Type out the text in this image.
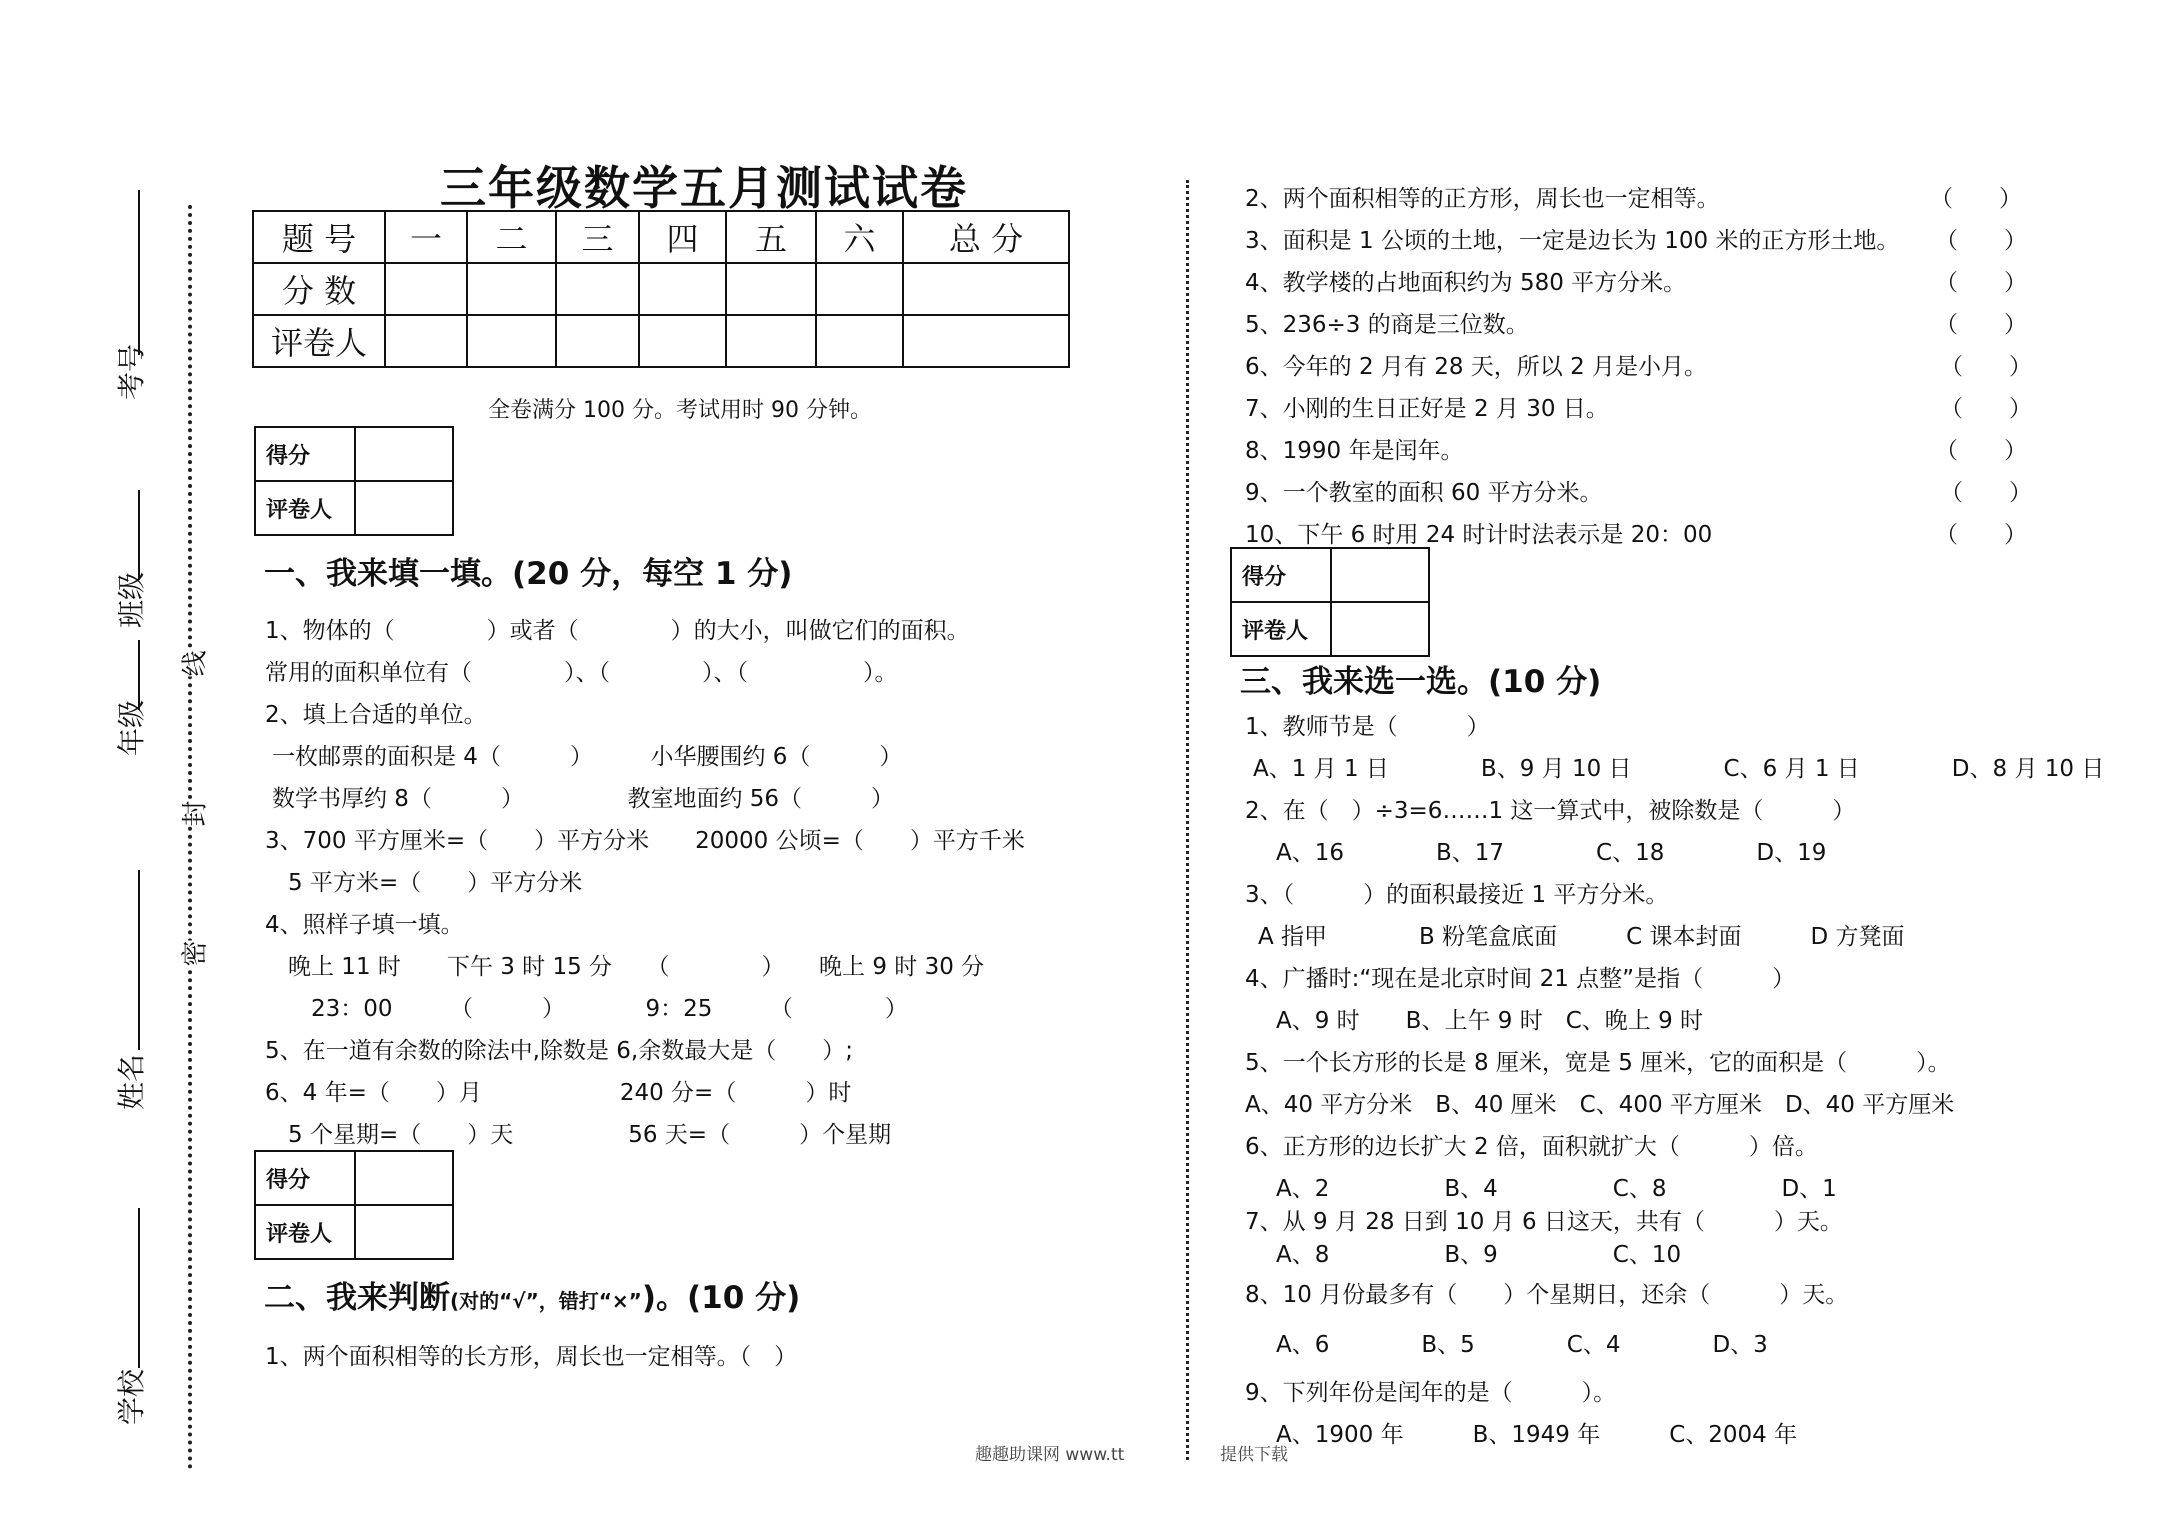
考号
班级
年级
姓名
学校
线
封
密
三年级数学五月测试试卷
题 号	一	二	三	四	五	六	总 分
分 数							
评卷人							
全卷满分 100 分。考试用时 90 分钟。
得分	
评卷人	
一、我来填一填。(20 分，每空 1 分)
1、物体的（　　　　）或者（　　　　）的大小，叫做它们的面积。
常用的面积单位有（　　　　）、（　　　　）、（　　　　　）。
2、填上合适的单位。
一枚邮票的面积是 4（　　　）　　　小华腰围约 6（　　　）
数学书厚约 8（　　　）　　　　　教室地面约 56（　　　）
3、700 平方厘米=（　　）平方分米　　20000 公顷=（　　）平方千米
　5 平方米=（　　）平方分米
4、照样子填一填。
　晚上 11 时　　下午 3 时 15 分　　（　　　　）　　晚上 9 时 30 分
　　23：00　　　（　　　）　　　　9：25　　　（　　　　）
5、在一道有余数的除法中,除数是 6,余数最大是（　　）;
6、4 年=（　　）月　　　　　　240 分=（　　　）时
　5 个星期=（　　）天　　　　　56 天=（　　　）个星期
得分	
评卷人	
二、我来判断(对的“√”，错打“×”)。(10 分)
1、两个面积相等的长方形，周长也一定相等。（　）
2、两个面积相等的正方形，周长也一定相等。	（　　）
3、面积是 1 公顷的土地，一定是边长为 100 米的正方形土地。 （　　）
4、教学楼的占地面积约为 580 平方分米。	（　　）
5、236÷3 的商是三位数。	（　　）
6、今年的 2 月有 28 天，所以 2 月是小月。	（　　）
7、小刚的生日正好是 2 月 30 日。	（　　）
8、1990 年是闰年。	（　　）
9、一个教室的面积 60 平方分米。	（　　）
10、下午 6 时用 24 时计时法表示是 20：00	（　　）
得分	
评卷人	
三、我来选一选。(10 分)
1、教师节是（　　　）
A、1 月 1 日　　　　B、9 月 10 日　　　　C、6 月 1 日　　　　D、8 月 10 日
2、在（　）÷3=6……1 这一算式中，被除数是（　　　）
　A、16　　　　B、17　　　　C、18　　　　D、19
3、（　　　）的面积最接近 1 平方分米。
A 指甲　　　　B 粉笔盒底面　　　C 课本封面　　　D 方凳面
4、广播时:“现在是北京时间 21 点整”是指（　　　）
　A、9 时　　B、上午 9 时　C、晚上 9 时
5、一个长方形的长是 8 厘米，宽是 5 厘米，它的面积是（　　　）。
A、40 平方分米　B、40 厘米　C、400 平方厘米　D、40 平方厘米
6、正方形的边长扩大 2 倍，面积就扩大（　　　）倍。
　A、2　　　　　B、4　　　　　C、8　　　　　D、1
7、从 9 月 28 日到 10 月 6 日这天，共有（　　　）天。
　A、8　　　　　B、9　　　　　C、10
8、10 月份最多有（　　）个星期日，还余（　　　）天。
　A、6　　　　B、5　　　　C、4　　　　D、3
9、下列年份是闰年的是（　　　）。
　A、1900 年　　　B、1949 年　　　C、2004 年
趣趣助课网 www.tt	提供下载
